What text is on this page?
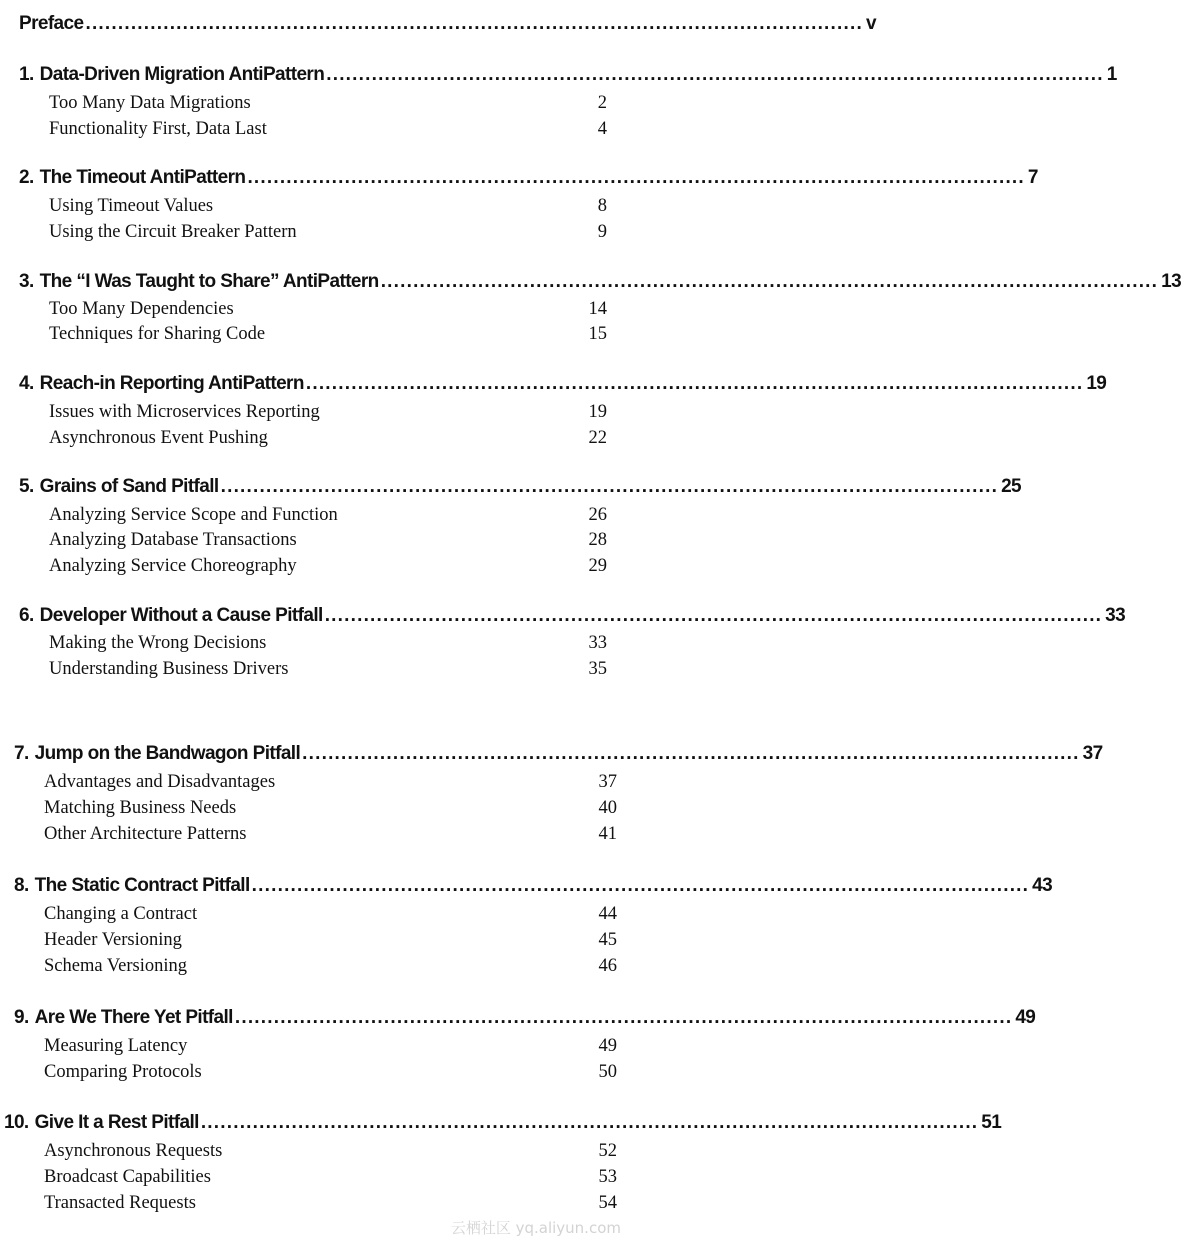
Preface ........................................................................................................................ v
1. Data-Driven Migration AntiPattern ........................................................................................................................ 1
Too Many Data Migrations	2
Functionality First, Data Last	4
2. The Timeout AntiPattern ........................................................................................................................ 7
Using Timeout Values	8
Using the Circuit Breaker Pattern	9
3. The “I Was Taught to Share” AntiPattern ........................................................................................................................ 13
Too Many Dependencies	14
Techniques for Sharing Code	15
4. Reach-in Reporting AntiPattern ........................................................................................................................ 19
Issues with Microservices Reporting	19
Asynchronous Event Pushing	22
5. Grains of Sand Pitfall ........................................................................................................................ 25
Analyzing Service Scope and Function	26
Analyzing Database Transactions	28
Analyzing Service Choreography	29
6. Developer Without a Cause Pitfall ........................................................................................................................ 33
Making the Wrong Decisions	33
Understanding Business Drivers	35
7. Jump on the Bandwagon Pitfall ........................................................................................................................ 37
Advantages and Disadvantages	37
Matching Business Needs	40
Other Architecture Patterns	41
8. The Static Contract Pitfall ........................................................................................................................ 43
Changing a Contract	44
Header Versioning	45
Schema Versioning	46
9. Are We There Yet Pitfall ........................................................................................................................ 49
Measuring Latency	49
Comparing Protocols	50
10. Give It a Rest Pitfall ........................................................................................................................ 51
Asynchronous Requests	52
Broadcast Capabilities	53
Transacted Requests	54
云栖社区 yq.aliyun.com
